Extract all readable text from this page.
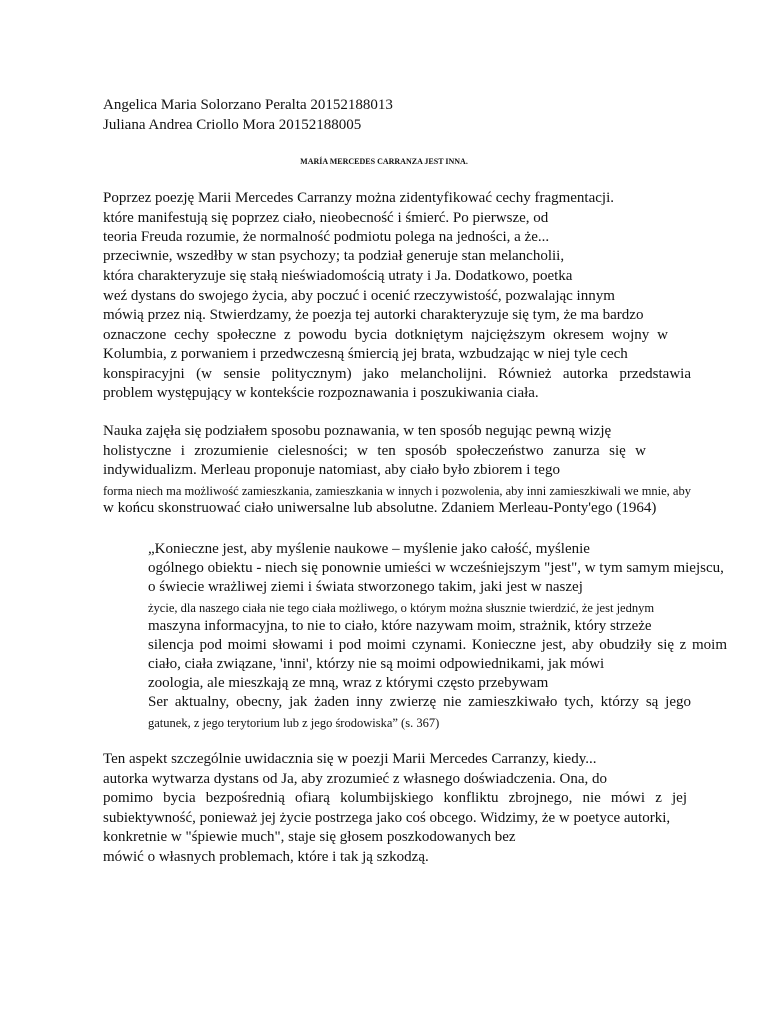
Angelica Maria Solorzano Peralta 20152188013
Juliana Andrea Criollo Mora 20152188005
MARÍA MERCEDES CARRANZA JEST INNA.
Poprzez poezję Marii Mercedes Carranzy można zidentyfikować cechy fragmentacji.
które manifestują się poprzez ciało, nieobecność i śmierć. Po pierwsze, od
teoria Freuda rozumie, że normalność podmiotu polega na jedności, a że...
przeciwnie, wszedłby w stan psychozy; ta podział generuje stan melancholii,
która charakteryzuje się stałą nieświadomością utraty i Ja. Dodatkowo, poetka
weź dystans do swojego życia, aby poczuć i ocenić rzeczywistość, pozwalając innym
mówią przez nią. Stwierdzamy, że poezja tej autorki charakteryzuje się tym, że ma bardzo
oznaczone cechy społeczne z powodu bycia dotkniętym najcięższym okresem wojny w
Kolumbia, z porwaniem i przedwczesną śmiercią jej brata, wzbudzając w niej tyle cech
konspiracyjni (w sensie politycznym) jako melancholijni. Również autorka przedstawia
problem występujący w kontekście rozpoznawania i poszukiwania ciała.
Nauka zajęła się podziałem sposobu poznawania, w ten sposób negując pewną wizję
holistyczne i zrozumienie cielesności; w ten sposób społeczeństwo zanurza się w
indywidualizm. Merleau proponuje natomiast, aby ciało było zbiorem i tego
forma niech ma możliwość zamieszkania, zamieszkania w innych i pozwolenia, aby inni zamieszkiwali we mnie, aby
w końcu skonstruować ciało uniwersalne lub absolutne. Zdaniem Merleau-Ponty'ego (1964)
„Konieczne jest, aby myślenie naukowe – myślenie jako całość, myślenie
ogólnego obiektu - niech się ponownie umieści w wcześniejszym "jest", w tym samym miejscu,
o świecie wrażliwej ziemi i świata stworzonego takim, jaki jest w naszej
życie, dla naszego ciała nie tego ciała możliwego, o którym można słusznie twierdzić, że jest jednym
maszyna informacyjna, to nie to ciało, które nazywam moim, strażnik, który strzeże
silencja pod moimi słowami i pod moimi czynami. Konieczne jest, aby obudziły się z moim
ciało, ciała związane, 'inni', którzy nie są moimi odpowiednikami, jak mówi
zoologia, ale mieszkają ze mną, wraz z którymi często przebywam
Ser aktualny, obecny, jak żaden inny zwierzę nie zamieszkiwało tych, którzy są jego
gatunek, z jego terytorium lub z jego środowiska” (s. 367)
Ten aspekt szczególnie uwidacznia się w poezji Marii Mercedes Carranzy, kiedy...
autorka wytwarza dystans od Ja, aby zrozumieć z własnego doświadczenia. Ona, do
pomimo bycia bezpośrednią ofiarą kolumbijskiego konfliktu zbrojnego, nie mówi z jej
subiektywność, ponieważ jej życie postrzega jako coś obcego. Widzimy, że w poetyce autorki,
konkretnie w "śpiewie much", staje się głosem poszkodowanych bez
mówić o własnych problemach, które i tak ją szkodzą.
